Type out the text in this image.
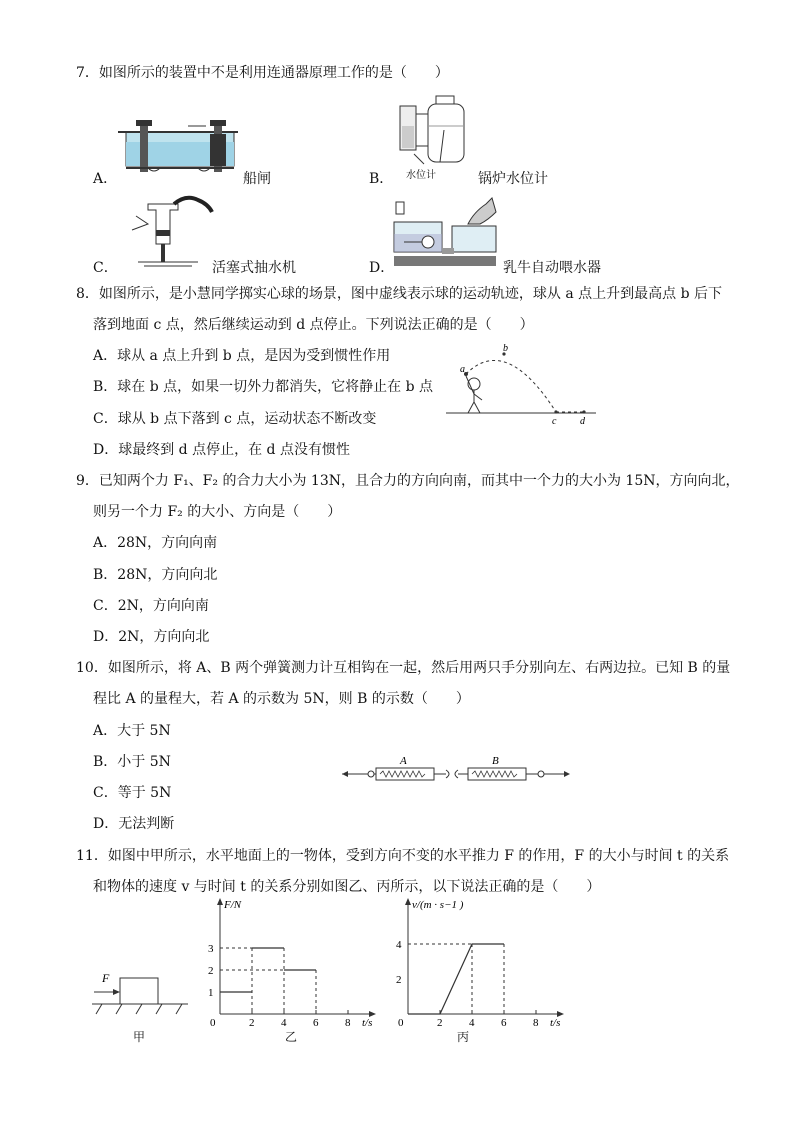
7．如图所示的装置中不是利用连通器原理工作的是（　　）
A．	船闸	水位计
B．	锅炉水位计
C．	活塞式抽水机	D．	乳牛自动喂水器
8．如图所示，是小慧同学掷实心球的场景，图中虚线表示球的运动轨迹，球从 a 点上升到最高点 b 后下
落到地面 c 点，然后继续运动到 d 点停止。下列说法正确的是（　　）
A．球从 a 点上升到 b 点，是因为受到惯性作用
B．球在 b 点，如果一切外力都消失，它将静止在 b 点
C．球从 b 点下落到 c 点，运动状态不断改变
D．球最终到 d 点停止，在 d 点没有惯性
a
b
c d
9．已知两个力 F₁、F₂ 的合力大小为 13N，且合力的方向向南，而其中一个力的大小为 15N，方向向北，
则另一个力 F₂ 的大小、方向是（　　）
A．28N，方向向南
B．28N，方向向北
C．2N，方向向南
D．2N，方向向北
10．如图所示，将 A、B 两个弹簧测力计互相钩在一起，然后用两只手分别向左、右两边拉。已知 B 的量
程比 A 的量程大，若 A 的示数为 5N，则 B 的示数（　　）
A．大于 5N
B．小于 5N
C．等于 5N
D．无法判断
A	B
11．如图中甲所示，水平地面上的一物体，受到方向不变的水平推力 F 的作用，F 的大小与时间 t 的关系
和物体的速度 v 与时间 t 的关系分别如图乙、丙所示，以下说法正确的是（　　）
F
甲
F/N
t/s
0	2 4 6 8
1
2
3
乙
v/(m · s−1 )
t/s
0	2 4 6 8
2
4
丙
